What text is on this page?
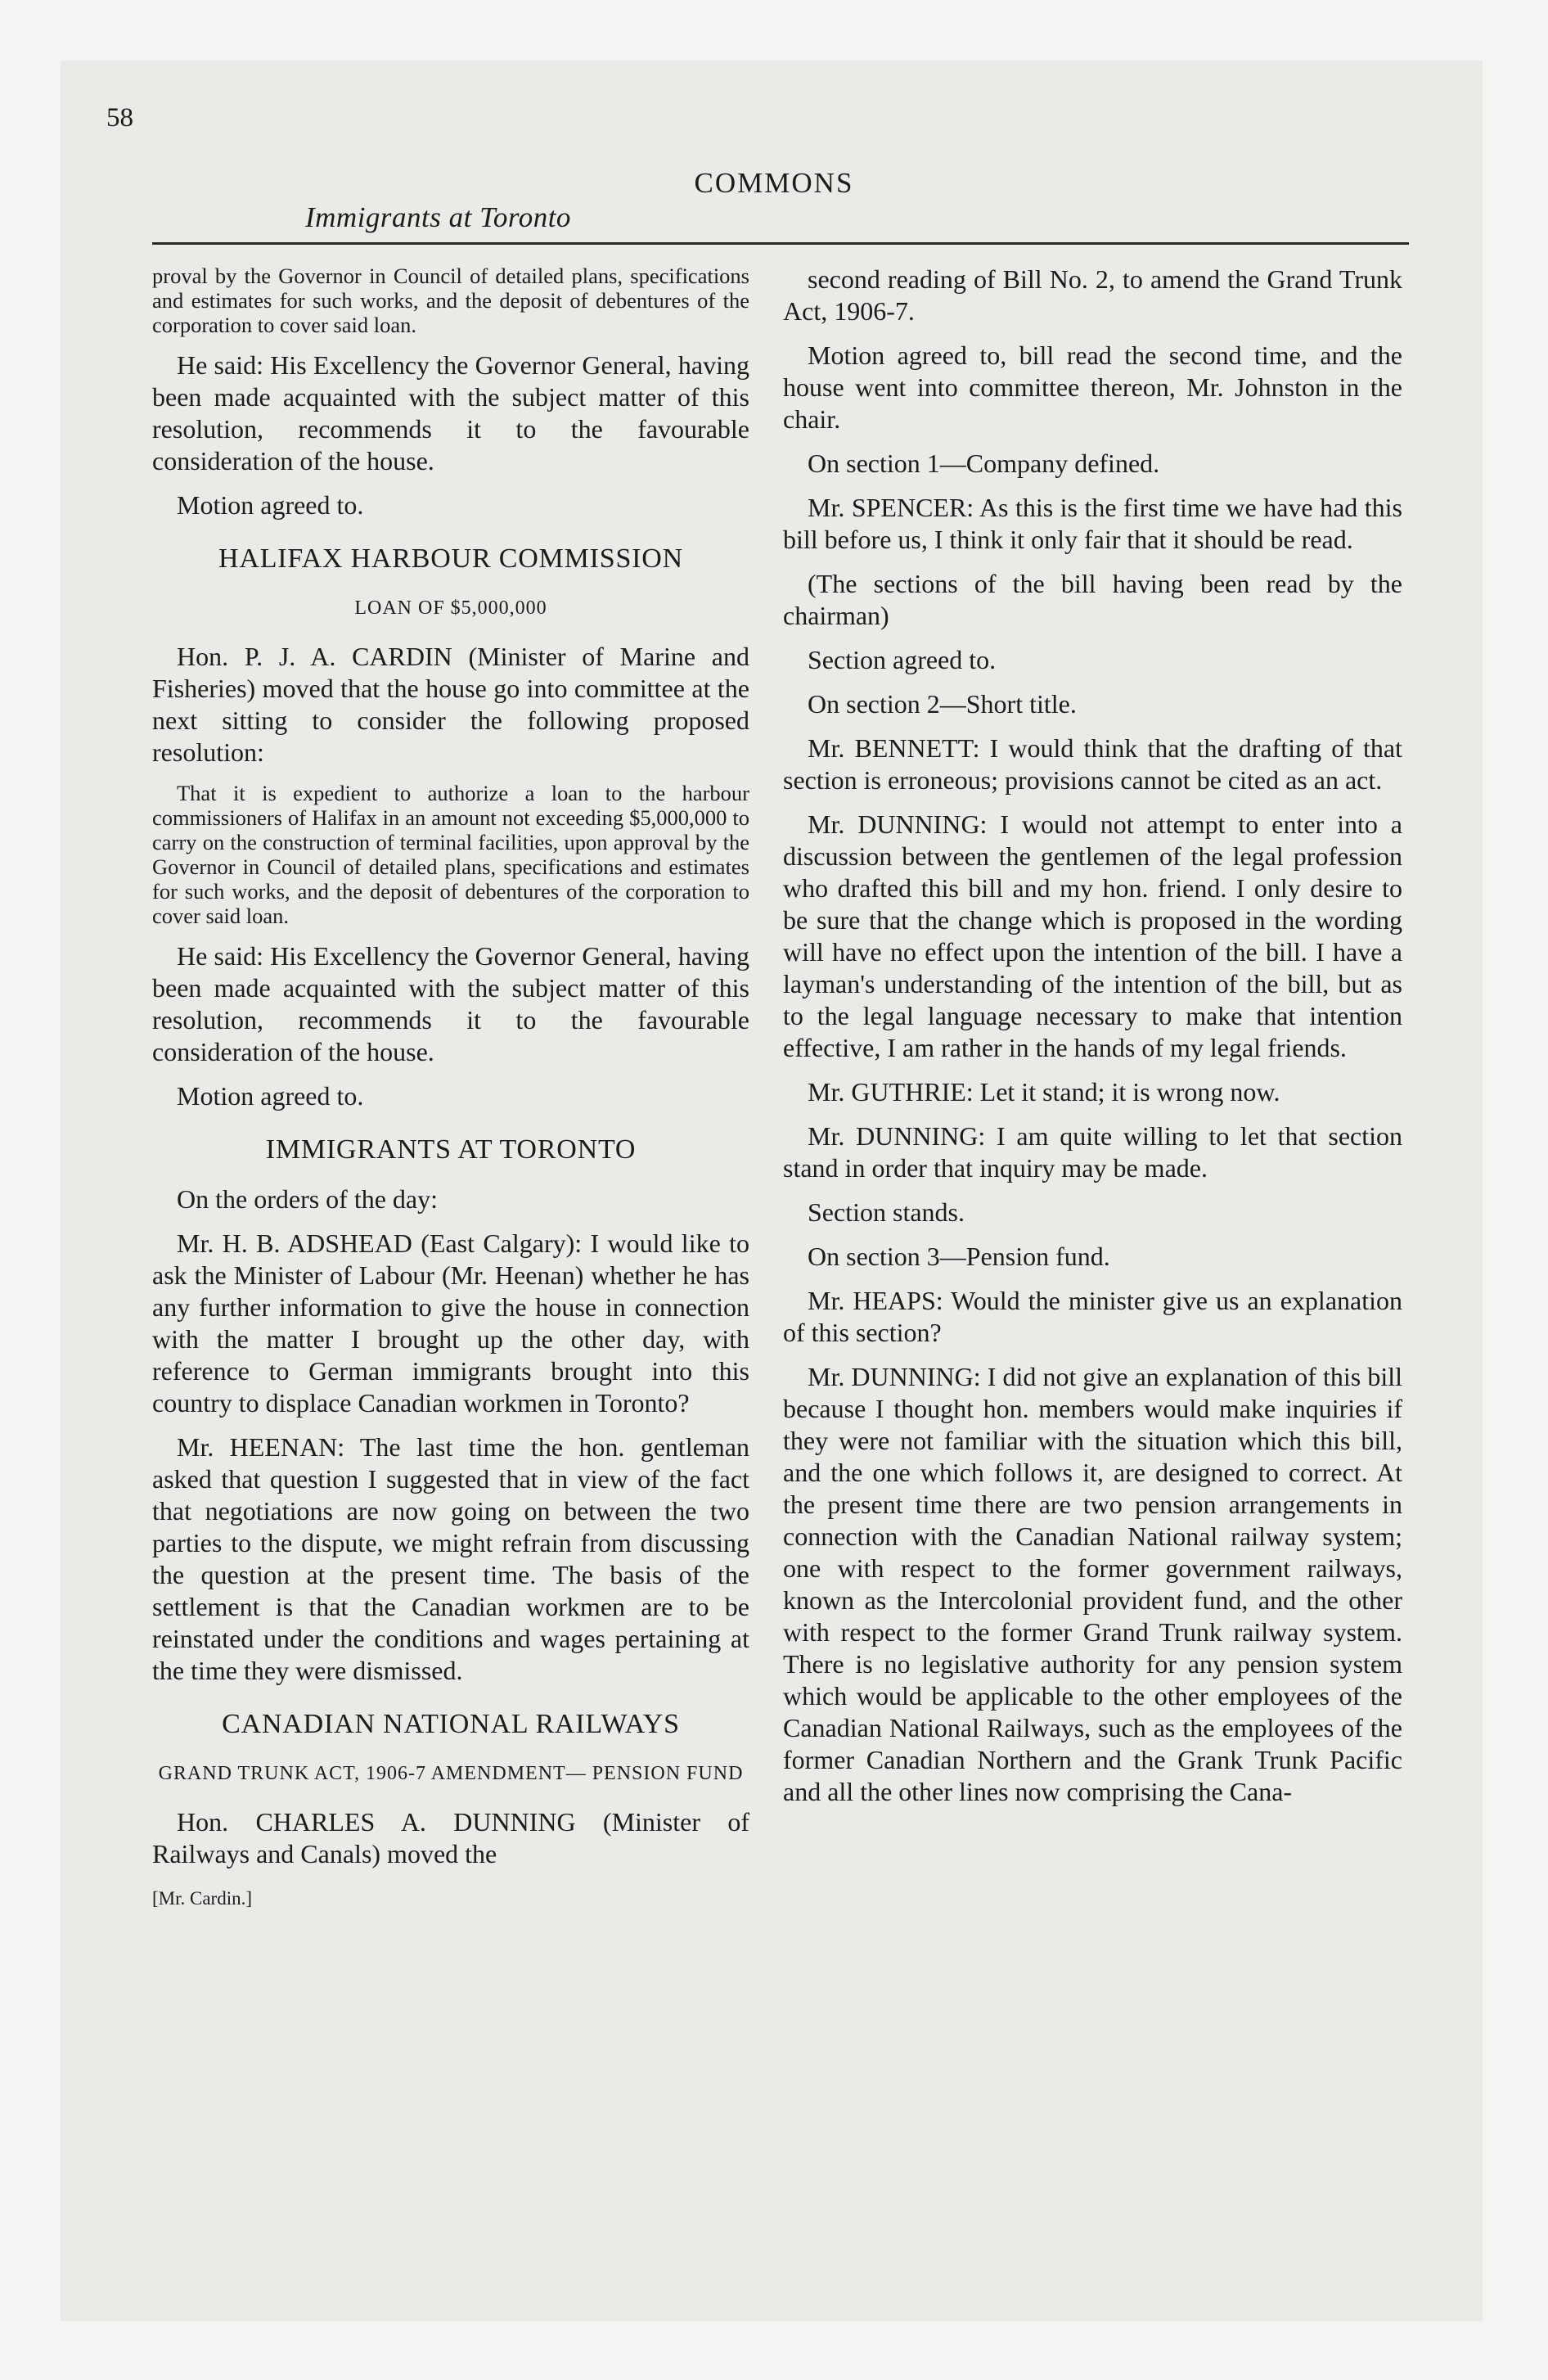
58
COMMONS
Immigrants at Toronto

proval by the Governor in Council of detailed plans, specifications and estimates for such works, and the deposit of debentures of the corporation to cover said loan.

He said: His Excellency the Governor General, having been made acquainted with the subject matter of this resolution, recommends it to the favourable consideration of the house.

Motion agreed to.

HALIFAX HARBOUR COMMISSION
LOAN OF $5,000,000

Hon. P. J. A. CARDIN (Minister of Marine and Fisheries) moved that the house go into committee at the next sitting to consider the following proposed resolution:

That it is expedient to authorize a loan to the harbour commissioners of Halifax in an amount not exceeding $5,000,000 to carry on the construction of terminal facilities, upon approval by the Governor in Council of detailed plans, specifications and estimates for such works, and the deposit of debentures of the corporation to cover said loan.

He said: His Excellency the Governor General, having been made acquainted with the subject matter of this resolution, recommends it to the favourable consideration of the house.

Motion agreed to.

IMMIGRANTS AT TORONTO

On the orders of the day:

Mr. H. B. ADSHEAD (East Calgary): I would like to ask the Minister of Labour (Mr. Heenan) whether he has any further information to give the house in connection with the matter I brought up the other day, with reference to German immigrants brought into this country to displace Canadian workmen in Toronto?

Mr. HEENAN: The last time the hon. gentleman asked that question I suggested that in view of the fact that negotiations are now going on between the two parties to the dispute, we might refrain from discussing the question at the present time. The basis of the settlement is that the Canadian workmen are to be reinstated under the conditions and wages pertaining at the time they were dismissed.

CANADIAN NATIONAL RAILWAYS
GRAND TRUNK ACT, 1906-7 AMENDMENT— PENSION FUND

Hon. CHARLES A. DUNNING (Minister of Railways and Canals) moved the

[Mr. Cardin.]

second reading of Bill No. 2, to amend the Grand Trunk Act, 1906-7.

Motion agreed to, bill read the second time, and the house went into committee thereon, Mr. Johnston in the chair.

On section 1—Company defined.

Mr. SPENCER: As this is the first time we have had this bill before us, I think it only fair that it should be read.

(The sections of the bill having been read by the chairman)

Section agreed to.

On section 2—Short title.

Mr. BENNETT: I would think that the drafting of that section is erroneous; provisions cannot be cited as an act.

Mr. DUNNING: I would not attempt to enter into a discussion between the gentlemen of the legal profession who drafted this bill and my hon. friend. I only desire to be sure that the change which is proposed in the wording will have no effect upon the intention of the bill. I have a layman's understanding of the intention of the bill, but as to the legal language necessary to make that intention effective, I am rather in the hands of my legal friends.

Mr. GUTHRIE: Let it stand; it is wrong now.

Mr. DUNNING: I am quite willing to let that section stand in order that inquiry may be made.

Section stands.

On section 3—Pension fund.

Mr. HEAPS: Would the minister give us an explanation of this section?

Mr. DUNNING: I did not give an explanation of this bill because I thought hon. members would make inquiries if they were not familiar with the situation which this bill, and the one which follows it, are designed to correct. At the present time there are two pension arrangements in connection with the Canadian National railway system; one with respect to the former government railways, known as the Intercolonial provident fund, and the other with respect to the former Grand Trunk railway system. There is no legislative authority for any pension system which would be applicable to the other employees of the Canadian National Railways, such as the employees of the former Canadian Northern and the Grank Trunk Pacific and all the other lines now comprising the Cana-
